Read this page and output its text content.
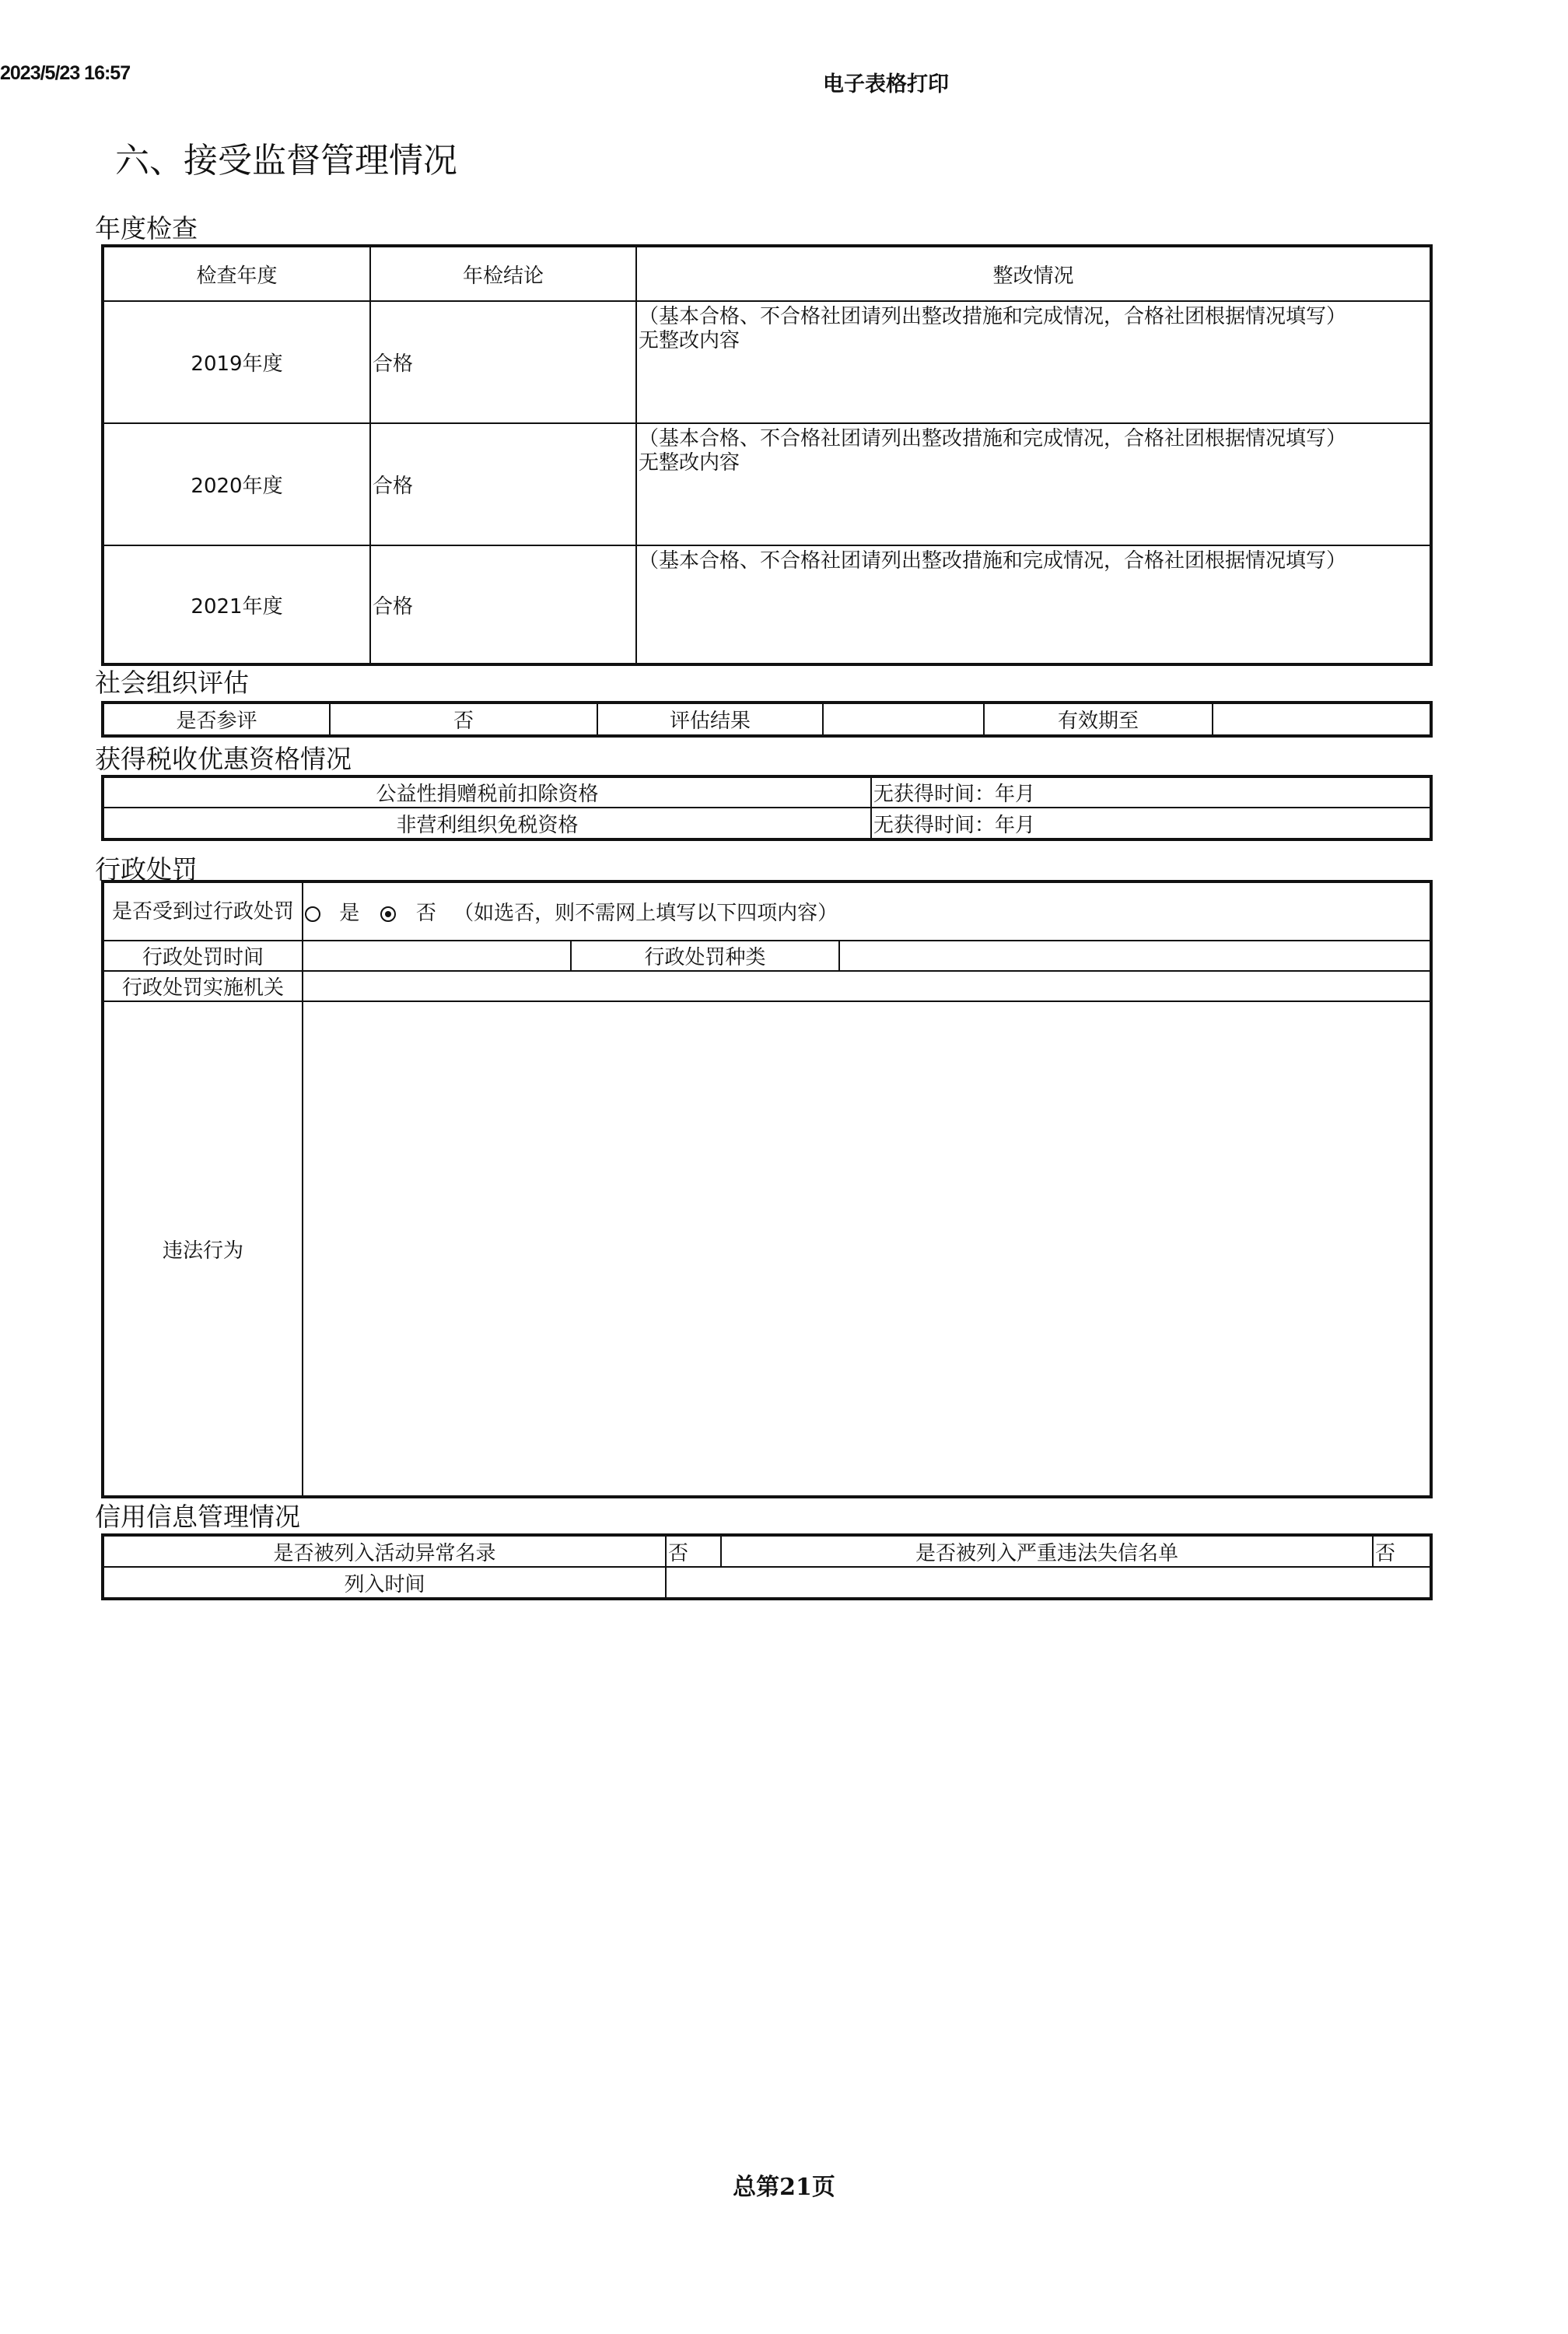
2023/5/23 16:57	电子表格打印
六、接受监督管理情况
年度检查
检查年度	年检结论	整改情况
2019年度	合格	（基本合格、不合格社团请列出整改措施和完成情况，合格社团根据情况填写）
无整改内容

2020年度	合格	（基本合格、不合格社团请列出整改措施和完成情况，合格社团根据情况填写）
无整改内容

2021年度	合格	（基本合格、不合格社团请列出整改措施和完成情况，合格社团根据情况填写）
社会组织评估
是否参评	否	评估结果		有效期至	
获得税收优惠资格情况
公益性捐赠税前扣除资格	无获得时间：年月
非营利组织免税资格	无获得时间：年月
行政处罚
是否受到过行政处罚	是 否 （如选否，则不需网上填写以下四项内容）		
行政处罚时间		行政处罚种类	
行政处罚实施机关			
违法行为			
信用信息管理情况
是否被列入活动异常名录	否	是否被列入严重违法失信名单	否
列入时间			
总第21页
